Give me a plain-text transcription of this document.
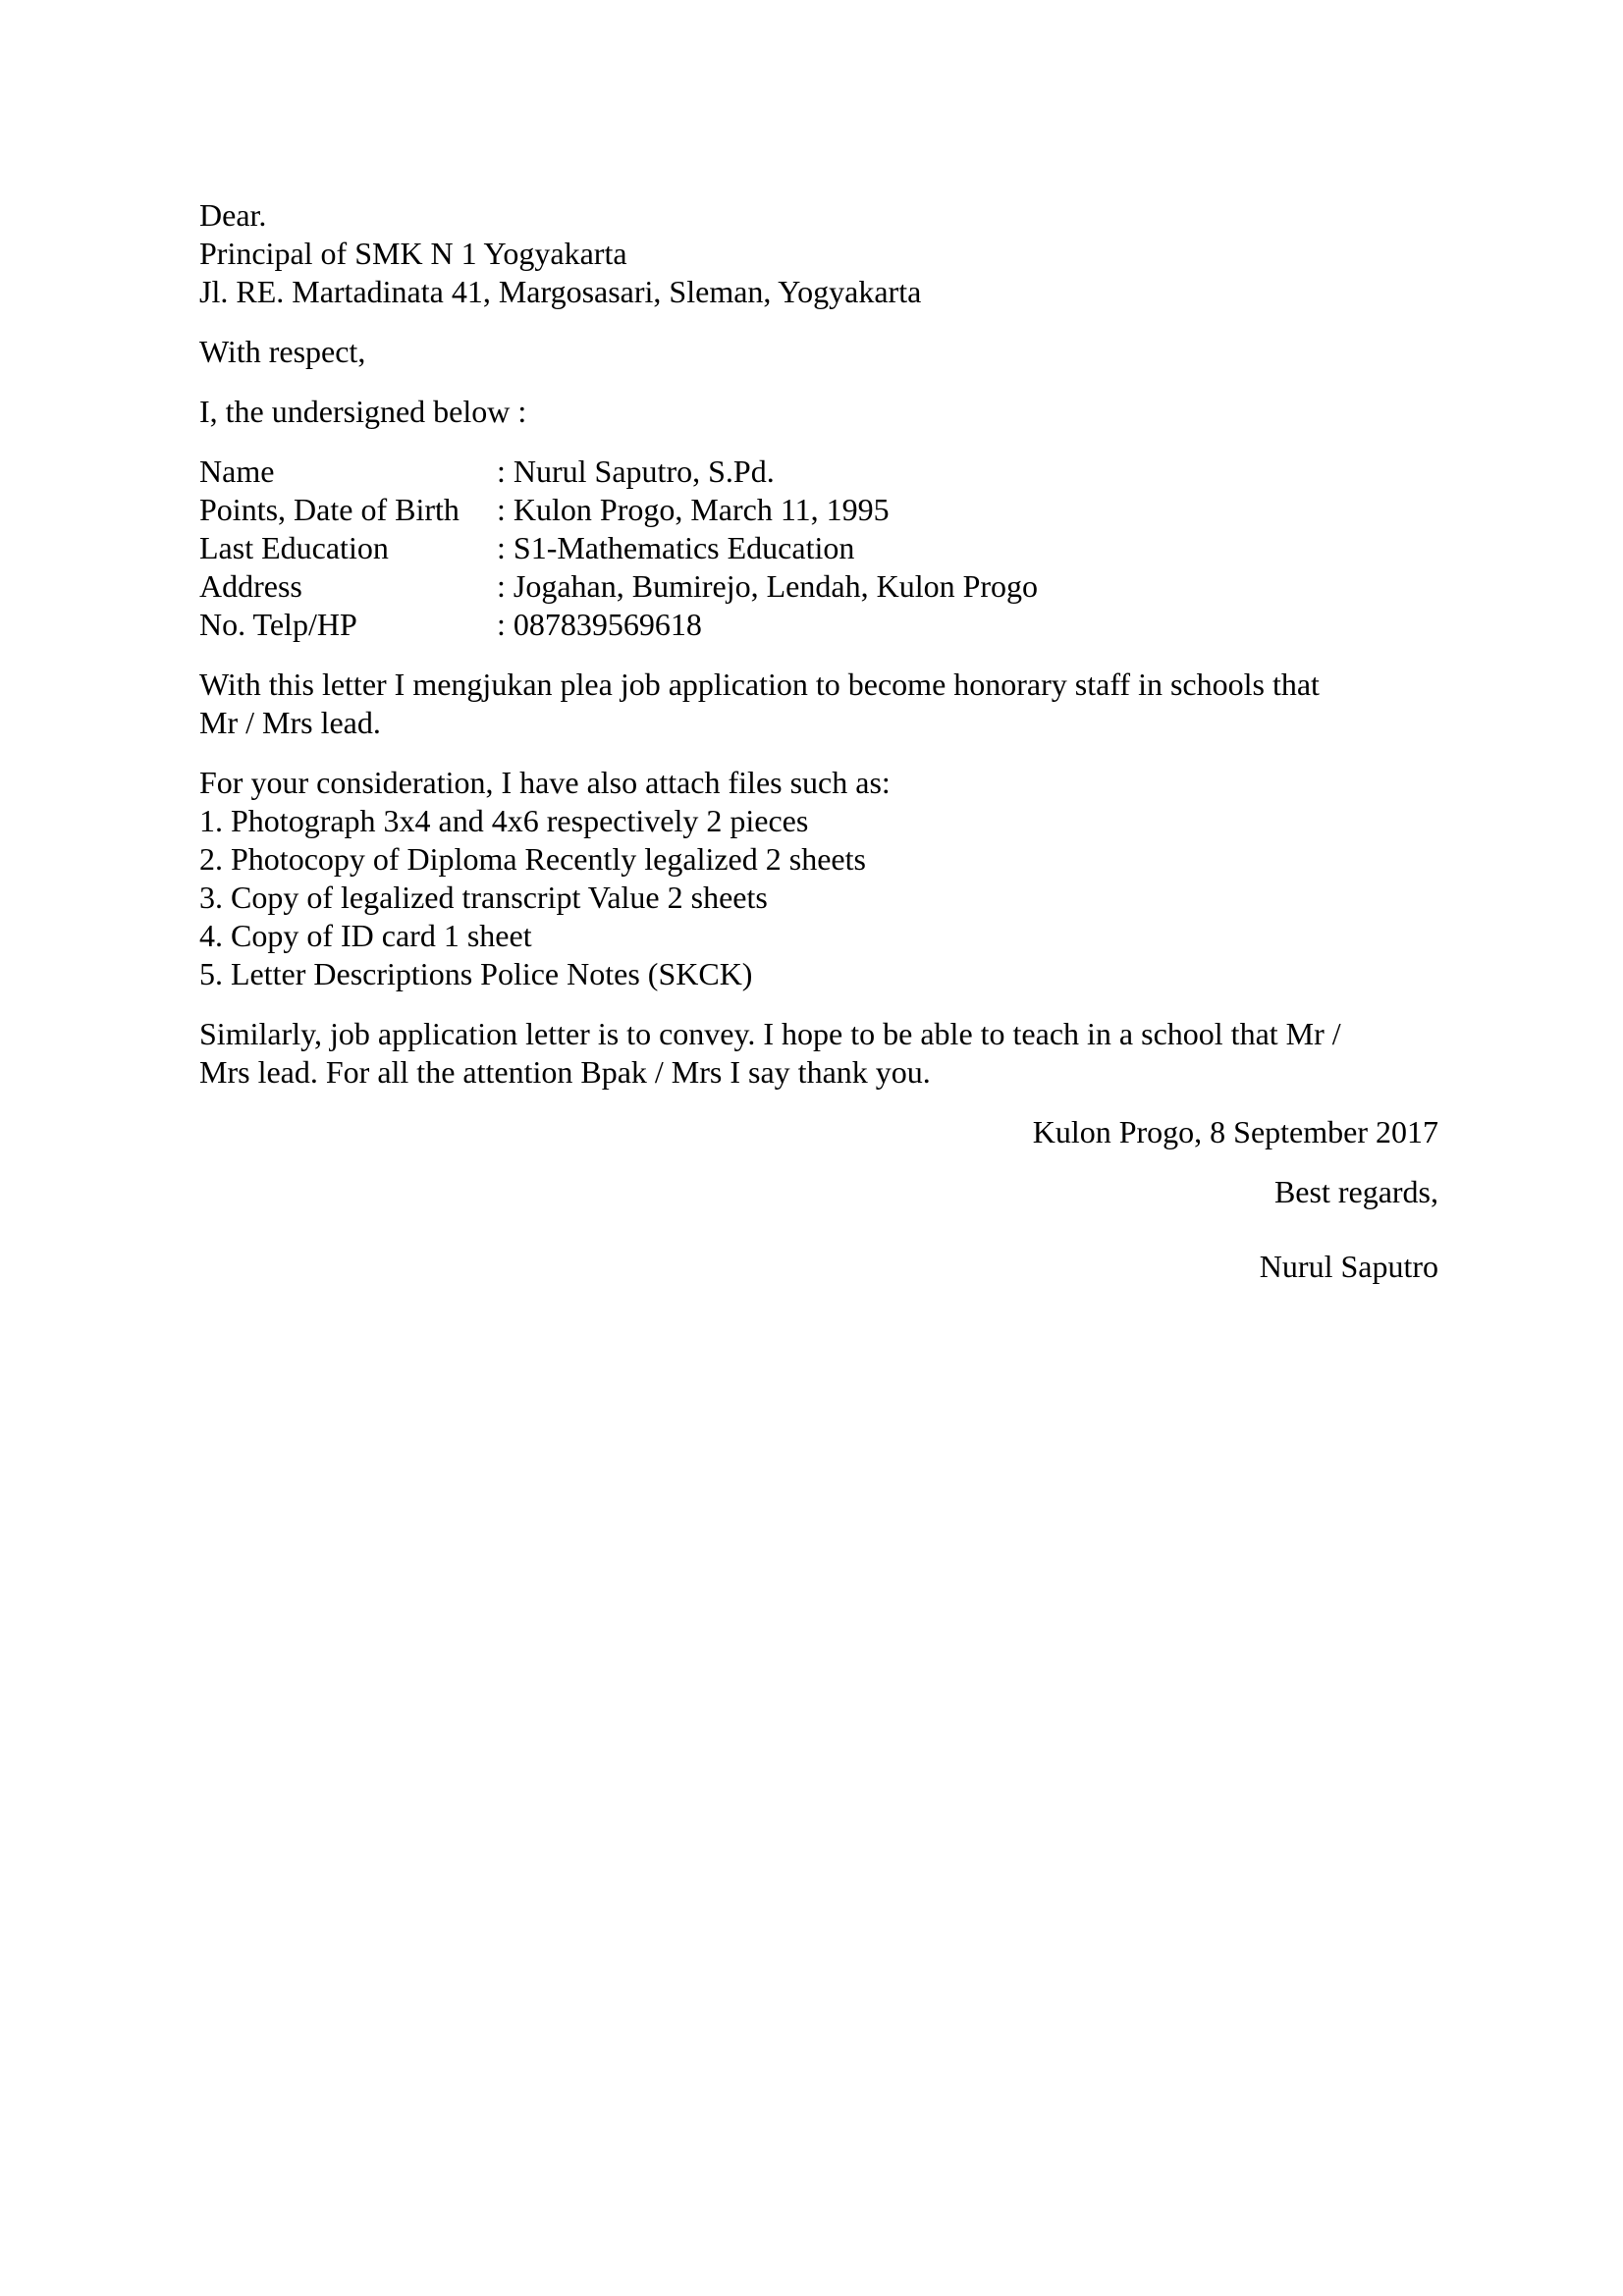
Dear.
Principal of SMK N 1 Yogyakarta
Jl. RE. Martadinata 41, Margosasari, Sleman, Yogyakarta
With respect,
I, the undersigned below :
Name	: Nurul Saputro, S.Pd.
Points, Date of Birth	: Kulon Progo, March 11, 1995
Last Education	: S1-Mathematics Education
Address	: Jogahan, Bumirejo, Lendah, Kulon Progo
No. Telp/HP	: 087839569618
With this letter I mengjukan plea job application to become honorary staff in schools that
Mr / Mrs lead.
For your consideration, I have also attach files such as:
1. Photograph 3x4 and 4x6 respectively 2 pieces
2. Photocopy of Diploma Recently legalized 2 sheets
3. Copy of legalized transcript Value 2 sheets
4. Copy of ID card 1 sheet
5. Letter Descriptions Police Notes (SKCK)
Similarly, job application letter is to convey. I hope to be able to teach in a school that Mr /
Mrs lead. For all the attention Bpak / Mrs I say thank you.
Kulon Progo, 8 September 2017
Best regards,
Nurul Saputro
